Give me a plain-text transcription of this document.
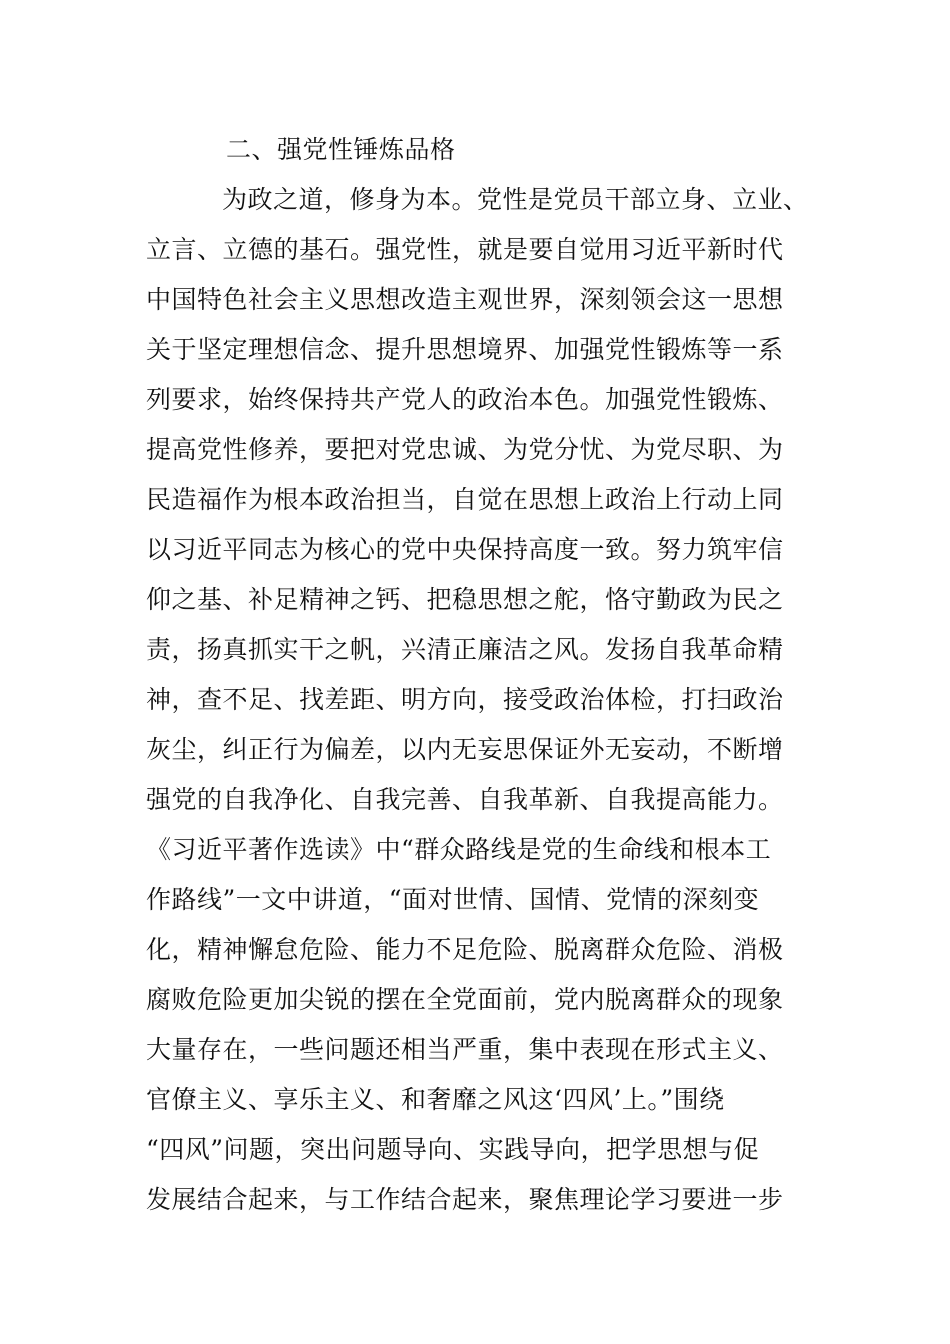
二、强党性锤炼品格
为政之道，修身为本。党性是党员干部立身、立业、
立言、立德的基石。强党性，就是要自觉用习近平新时代
中国特色社会主义思想改造主观世界，深刻领会这一思想
关于坚定理想信念、提升思想境界、加强党性锻炼等一系
列要求，始终保持共产党人的政治本色。加强党性锻炼、
提高党性修养，要把对党忠诚、为党分忧、为党尽职、为
民造福作为根本政治担当，自觉在思想上政治上行动上同
以习近平同志为核心的党中央保持高度一致。努力筑牢信
仰之基、补足精神之钙、把稳思想之舵，恪守勤政为民之
责，扬真抓实干之帆，兴清正廉洁之风。发扬自我革命精
神，查不足、找差距、明方向，接受政治体检，打扫政治
灰尘，纠正行为偏差，以内无妄思保证外无妄动，不断增
强党的自我净化、自我完善、自我革新、自我提高能力。
《习近平著作选读》中“群众路线是党的生命线和根本工
作路线”一文中讲道，“面对世情、国情、党情的深刻变
化，精神懈怠危险、能力不足危险、脱离群众危险、消极
腐败危险更加尖锐的摆在全党面前，党内脱离群众的现象
大量存在，一些问题还相当严重，集中表现在形式主义、
官僚主义、享乐主义、和奢靡之风这‘四风’上。”围绕
“四风”问题，突出问题导向、实践导向，把学思想与促
发展结合起来，与工作结合起来，聚焦理论学习要进一步
